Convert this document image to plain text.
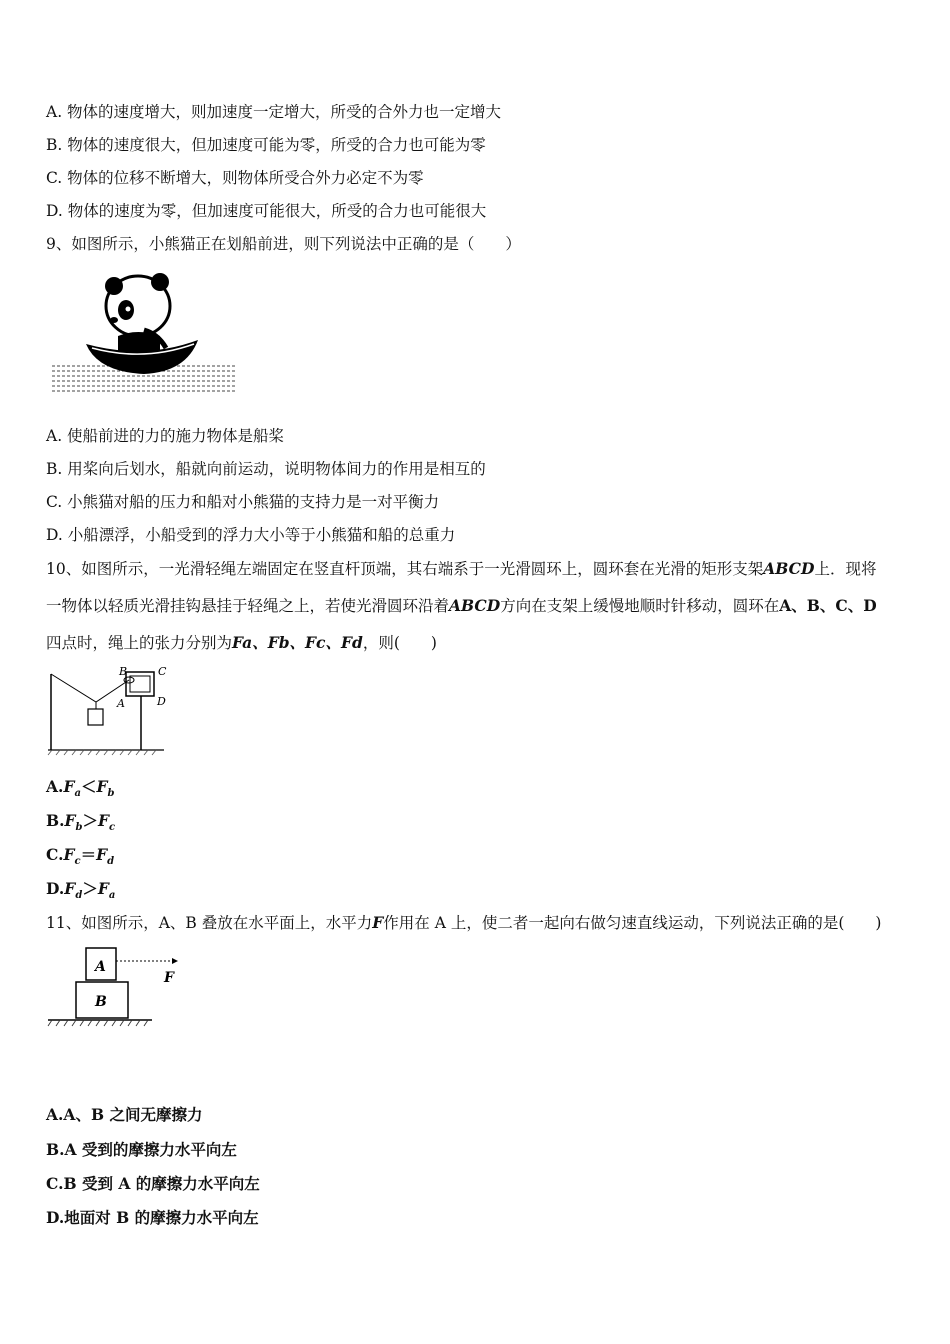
A. 物体的速度增大，则加速度一定增大，所受的合外力也一定增大
B. 物体的速度很大，但加速度可能为零，所受的合力也可能为零
C. 物体的位移不断增大，则物体所受合外力必定不为零
D. 物体的速度为零，但加速度可能很大，所受的合力也可能很大
9、如图所示，小熊猫正在划船前进，则下列说法中正确的是（　　）
A. 使船前进的力的施力物体是船桨
B. 用桨向后划水，船就向前运动，说明物体间力的作用是相互的
C. 小熊猫对船的压力和船对小熊猫的支持力是一对平衡力
D. 小船漂浮，小船受到的浮力大小等于小熊猫和船的总重力
10、如图所示，一光滑轻绳左端固定在竖直杆顶端，其右端系于一光滑圆环上，圆环套在光滑的矩形支架ABCD上．现将
一物体以轻质光滑挂钩悬挂于轻绳之上，若使光滑圆环沿着ABCD方向在支架上缓慢地顺时针移动，圆环在A、B、C、D
四点时，绳上的张力分别为Fa、Fb、Fc、Fd，则(　　)
B	C
D
A
$A.F_a<F_b$
$B.F_b>F_c$
$C.F_c=F_d$
$D.F_d>F_a$
11、如图所示，A、B 叠放在水平面上，水平力F作用在 A 上，使二者一起向右做匀速直线运动，下列说法正确的是(　　)
A
B
F
A.A、B 之间无摩擦力
B.A 受到的摩擦力水平向左
C.B 受到 A 的摩擦力水平向左
D.地面对 B 的摩擦力水平向左
